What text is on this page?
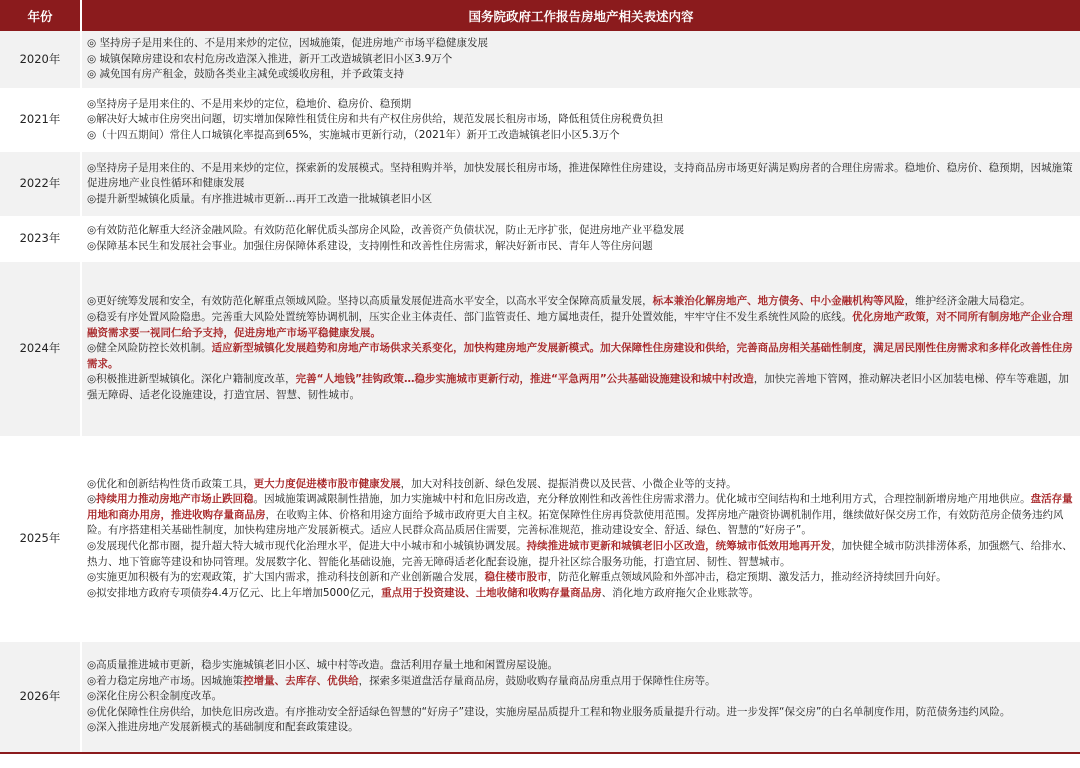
年份	国务院政府工作报告房地产相关表述内容
2020年	◎ 坚持房子是用来住的、不是用来炒的定位，因城施策，促进房地产市场平稳健康发展
◎ 城镇保障房建设和农村危房改造深入推进，新开工改造城镇老旧小区3.9万个
◎ 减免国有房产租金，鼓励各类业主减免或缓收房租，并予政策支持

2021年	◎坚持房子是用来住的、不是用来炒的定位，稳地价、稳房价、稳预期
◎解决好大城市住房突出问题，切实增加保障性租赁住房和共有产权住房供给，规范发展长租房市场，降低租赁住房税费负担
◎（十四五期间）常住人口城镇化率提高到65%，实施城市更新行动，（2021年）新开工改造城镇老旧小区5.3万个

2022年	◎坚持房子是用来住的、不是用来炒的定位，探索新的发展模式。坚持租购并举，加快发展长租房市场，推进保障性住房建设，支持商品房市场更好满足购房者的合理住房需求。稳地价、稳房价、稳预期，因城施策促进房地产业良性循环和健康发展
◎提升新型城镇化质量。有序推进城市更新…再开工改造一批城镇老旧小区

2023年	◎有效防范化解重大经济金融风险。有效防范化解优质头部房企风险，改善资产负债状况，防止无序扩张，促进房地产业平稳发展
◎保障基本民生和发展社会事业。加强住房保障体系建设，支持刚性和改善性住房需求，解决好新市民、青年人等住房问题

2024年	◎更好统筹发展和安全，有效防范化解重点领域风险。坚持以高质量发展促进高水平安全，以高水平安全保障高质量发展，标本兼治化解房地产、地方债务、中小金融机构等风险，维护经济金融大局稳定。
◎稳妥有序处置风险隐患。完善重大风险处置统筹协调机制，压实企业主体责任、部门监管责任、地方属地责任，提升处置效能，牢牢守住不发生系统性风险的底线。优化房地产政策，对不同所有制房地产企业合理融资需求要一视同仁给予支持，促进房地产市场平稳健康发展。
◎健全风险防控长效机制。适应新型城镇化发展趋势和房地产市场供求关系变化，加快构建房地产发展新模式。加大保障性住房建设和供给，完善商品房相关基础性制度，满足居民刚性住房需求和多样化改善性住房需求。
◎积极推进新型城镇化。深化户籍制度改革，完善“人地钱”挂钩政策…稳步实施城市更新行动，推进“平急两用”公共基础设施建设和城中村改造，加快完善地下管网，推动解决老旧小区加装电梯、停车等难题，加强无障碍、适老化设施建设，打造宜居、智慧、韧性城市。

2025年	◎优化和创新结构性货币政策工具，更大力度促进楼市股市健康发展，加大对科技创新、绿色发展、提振消费以及民营、小微企业等的支持。
◎持续用力推动房地产市场止跌回稳。因城施策调减限制性措施，加力实施城中村和危旧房改造，充分释放刚性和改善性住房需求潜力。优化城市空间结构和土地利用方式，合理控制新增房地产用地供应。盘活存量用地和商办用房，推进收购存量商品房，在收购主体、价格和用途方面给予城市政府更大自主权。拓宽保障性住房再贷款使用范围。发挥房地产融资协调机制作用，继续做好保交房工作，有效防范房企债务违约风险。有序搭建相关基础性制度，加快构建房地产发展新模式。适应人民群众高品质居住需要，完善标准规范，推动建设安全、舒适、绿色、智慧的“好房子”。
◎发展现代化都市圈，提升超大特大城市现代化治理水平，促进大中小城市和小城镇协调发展。持续推进城市更新和城镇老旧小区改造，统筹城市低效用地再开发，加快健全城市防洪排涝体系，加强燃气、给排水、热力、地下管廊等建设和协同管理。发展数字化、智能化基础设施，完善无障碍适老化配套设施，提升社区综合服务功能，打造宜居、韧性、智慧城市。
◎实施更加积极有为的宏观政策，扩大国内需求，推动科技创新和产业创新融合发展，稳住楼市股市，防范化解重点领域风险和外部冲击，稳定预期、激发活力，推动经济持续回升向好。
◎拟安排地方政府专项债券4.4万亿元、比上年增加5000亿元，重点用于投资建设、土地收储和收购存量商品房、消化地方政府拖欠企业账款等。

2026年	◎高质量推进城市更新，稳步实施城镇老旧小区、城中村等改造。盘活利用存量土地和闲置房屋设施。
◎着力稳定房地产市场。因城施策控增量、去库存、优供给，探索多渠道盘活存量商品房，鼓励收购存量商品房重点用于保障性住房等。
◎深化住房公积金制度改革。
◎优化保障性住房供给，加快危旧房改造。有序推动安全舒适绿色智慧的“好房子”建设，实施房屋品质提升工程和物业服务质量提升行动。进一步发挥“保交房”的白名单制度作用，防范债务违约风险。
◎深入推进房地产发展新模式的基础制度和配套政策建设。
